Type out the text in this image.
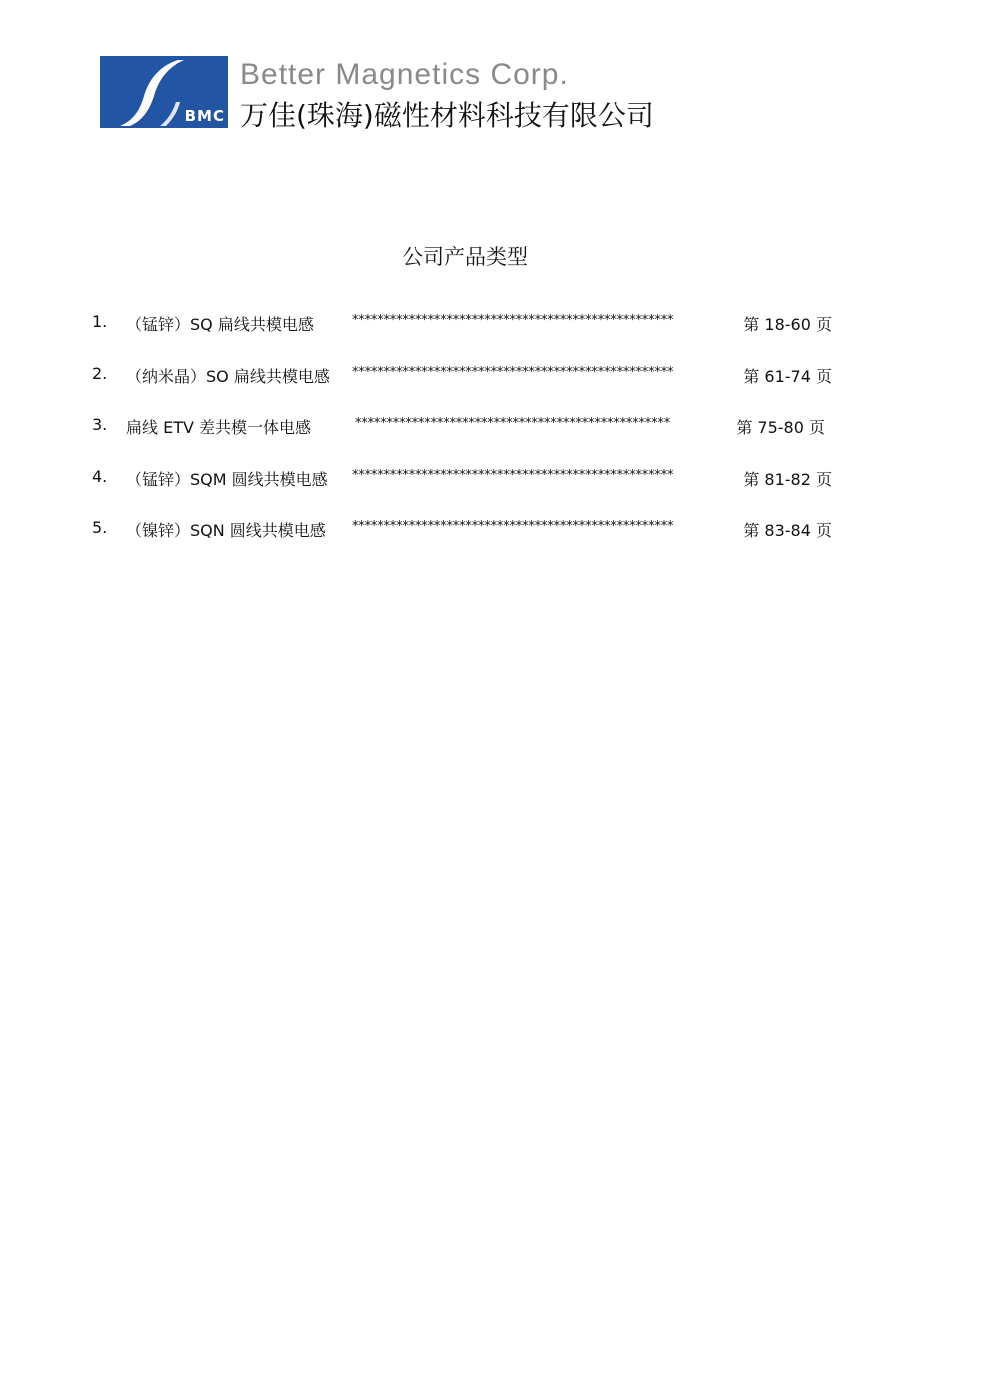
BMC
Better Magnetics Corp.
万佳(珠海)磁性材料科技有限公司
公司产品类型
1. （锰锌）SQ 扁线共模电感	***************************************************	第 18-60 页
2. （纳米晶）SO 扁线共模电感 ***************************************************	第 61-74 页
3. 扁线 ETV 差共模一体电感	**************************************************	第 75-80 页
4. （锰锌）SQM 圆线共模电感 ***************************************************	第 81-82 页
5. （镍锌）SQN 圆线共模电感 ***************************************************	第 83-84 页
